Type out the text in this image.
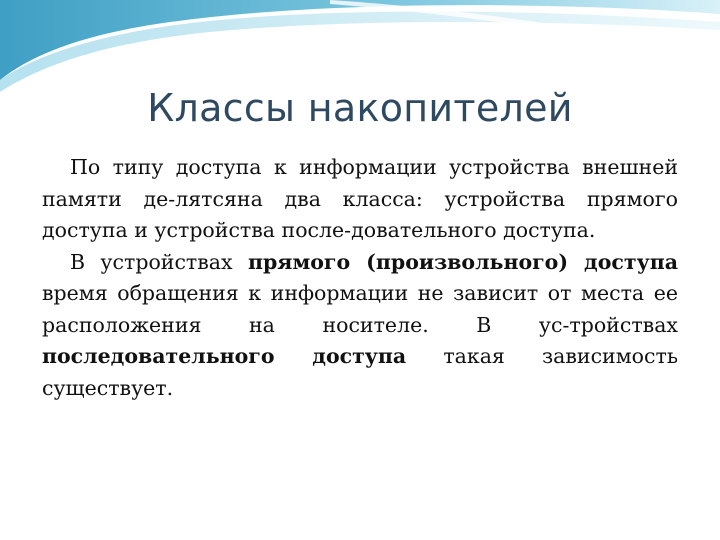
Классы накопителей

По типу доступа к информации устройства внешней памяти де-лятсяна два класса: устройства прямого доступа и устройства после-довательного доступа.

В устройствах прямого (произвольного) доступа время обращения к информации не зависит от места ее расположения на носителе. В ус-тройствах последовательного доступа такая зависимость существует.
